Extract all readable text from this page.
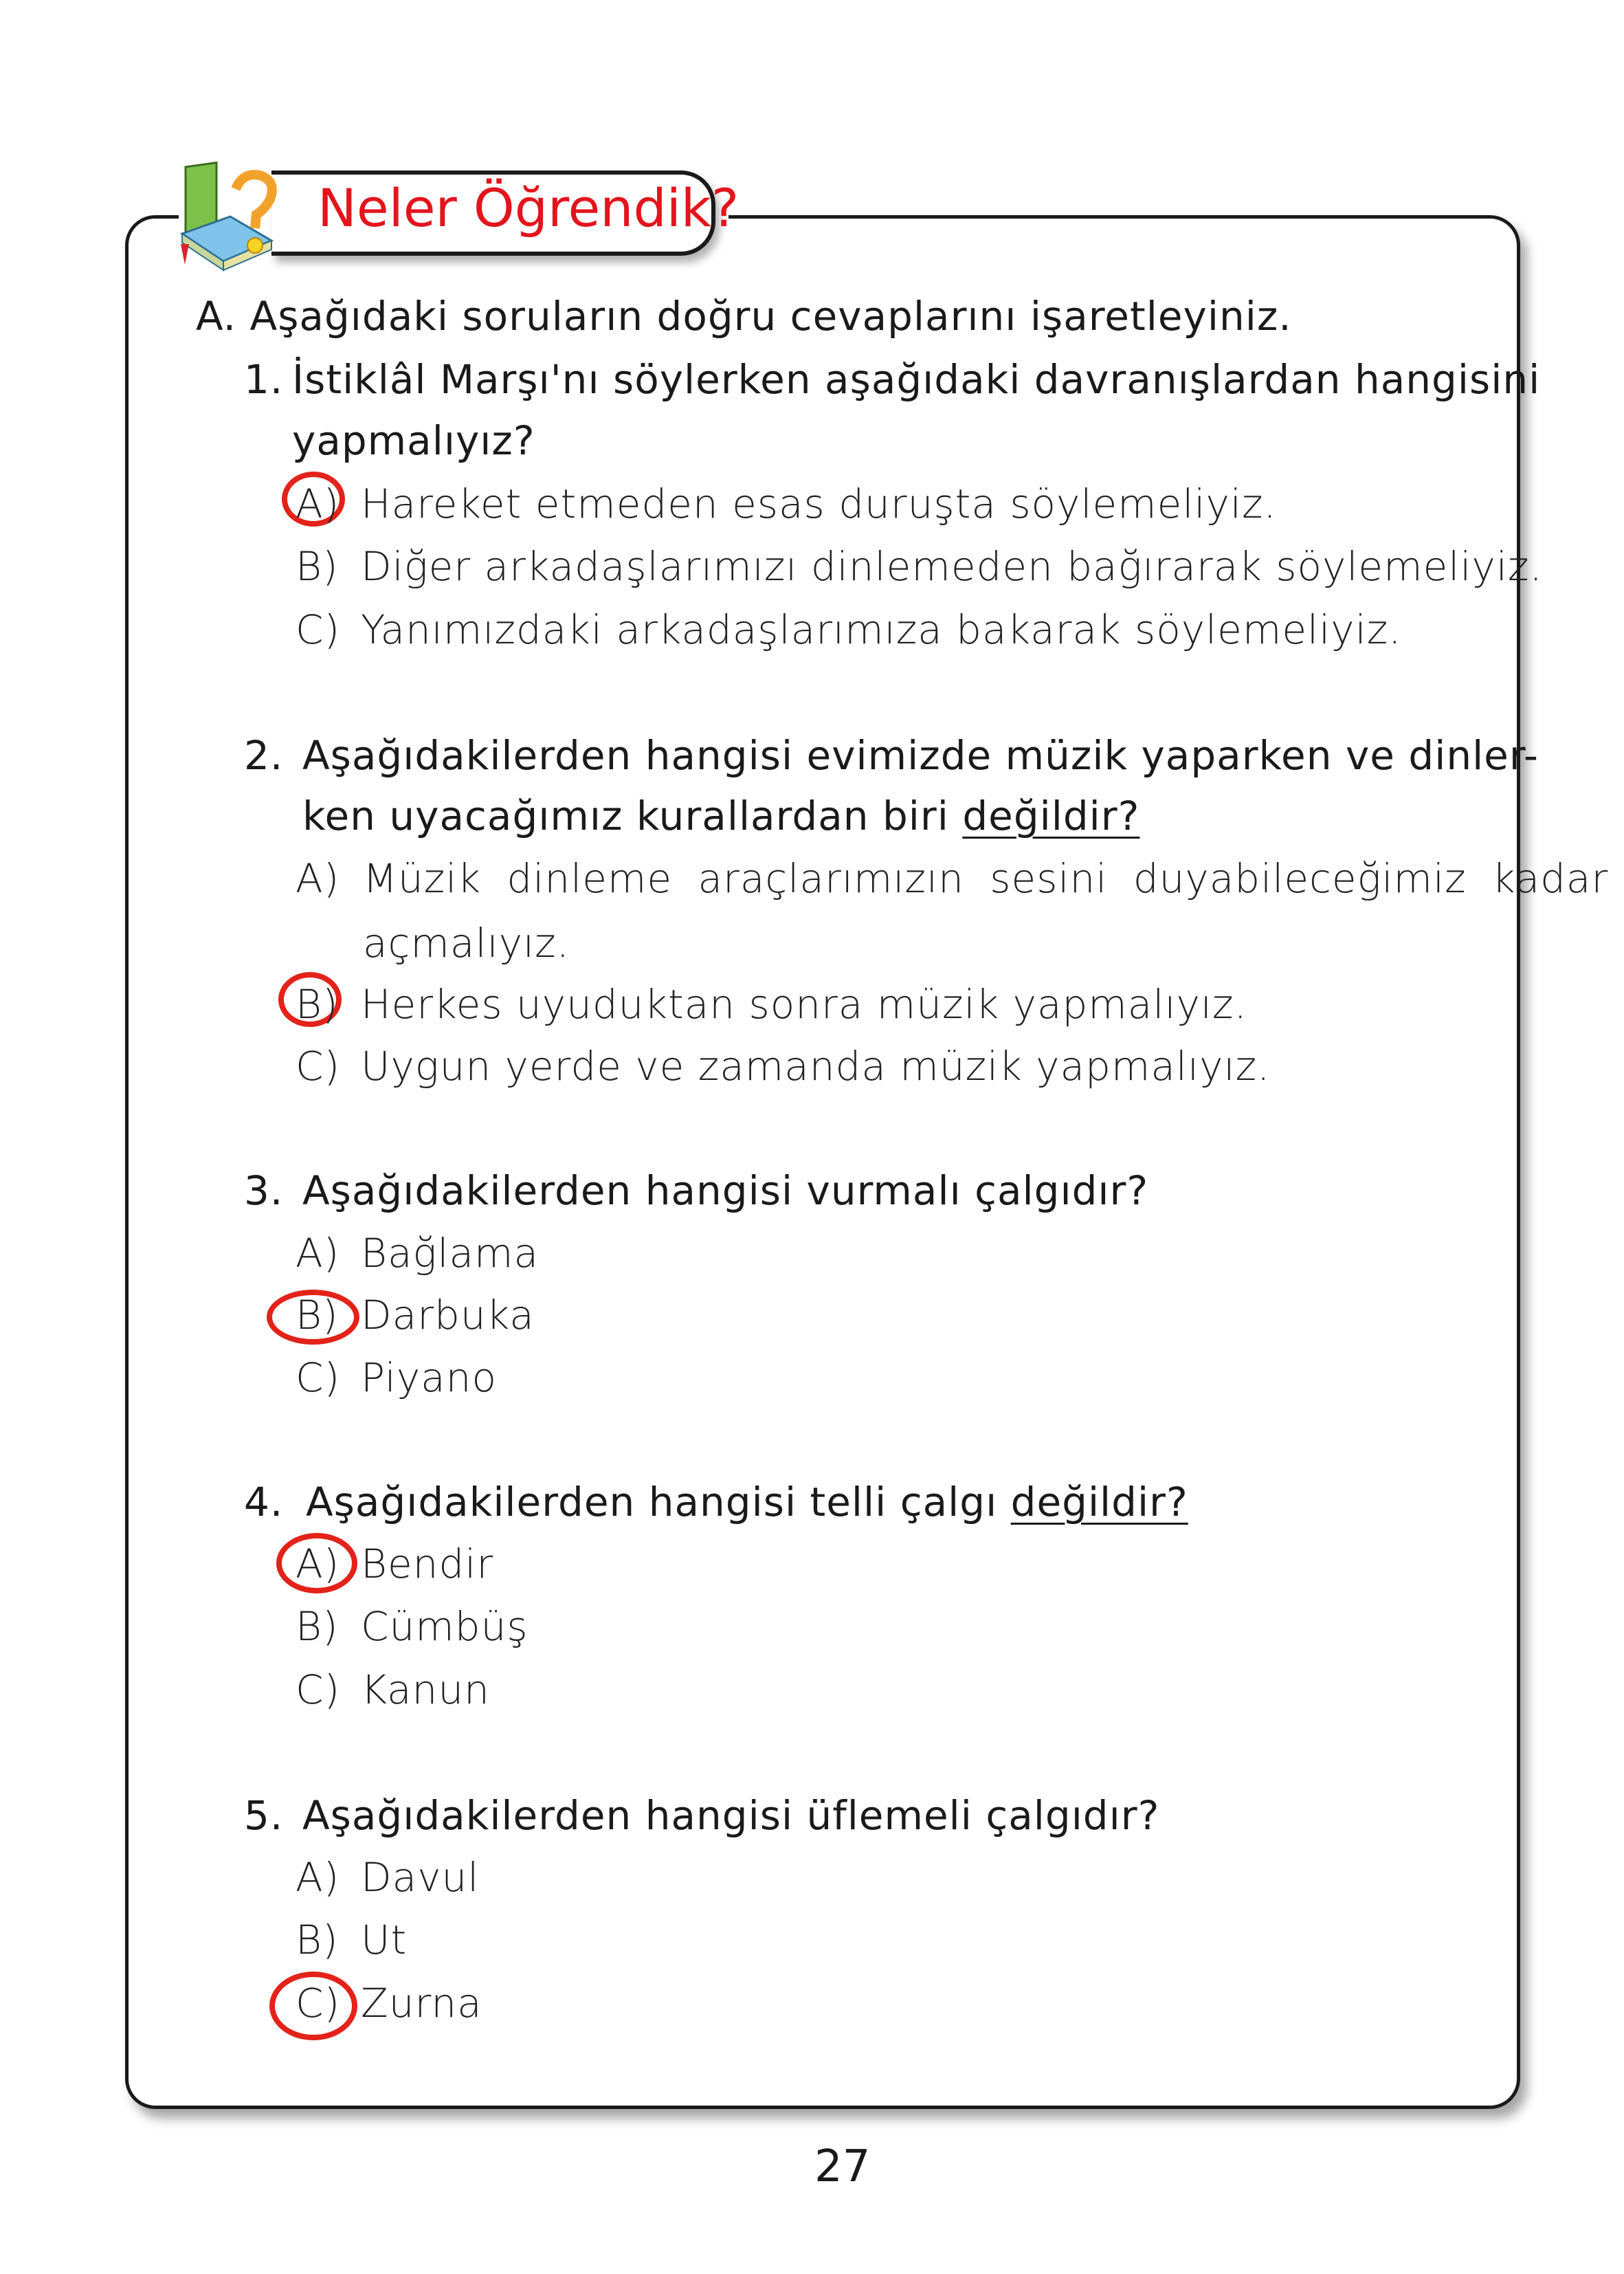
Neler Öğrendik?
A. Aşağıdaki soruların doğru cevaplarını işaretleyiniz.
1. İstiklâl Marşı'nı söylerken aşağıdaki davranışlardan hangisini
yapmalıyız?
A) Hareket etmeden esas duruşta söylemeliyiz.
B) Diğer arkadaşlarımızı dinlemeden bağırarak söylemeliyiz.
C) Yanımızdaki arkadaşlarımıza bakarak söylemeliyiz.
2. Aşağıdakilerden hangisi evimizde müzik yaparken ve dinler-
ken uyacağımız kurallardan biri değildir?
A) Müzik dinleme araçlarımızın sesini duyabileceğimiz kadar
açmalıyız.
B) Herkes uyuduktan sonra müzik yapmalıyız.
C) Uygun yerde ve zamanda müzik yapmalıyız.
3. Aşağıdakilerden hangisi vurmalı çalgıdır?
A) Bağlama
B) Darbuka
C) Piyano
4. Aşağıdakilerden hangisi telli çalgı değildir?
A) Bendir
B) Cümbüş
C) Kanun
5. Aşağıdakilerden hangisi üflemeli çalgıdır?
A) Davul
B) Ut
C) Zurna
27
